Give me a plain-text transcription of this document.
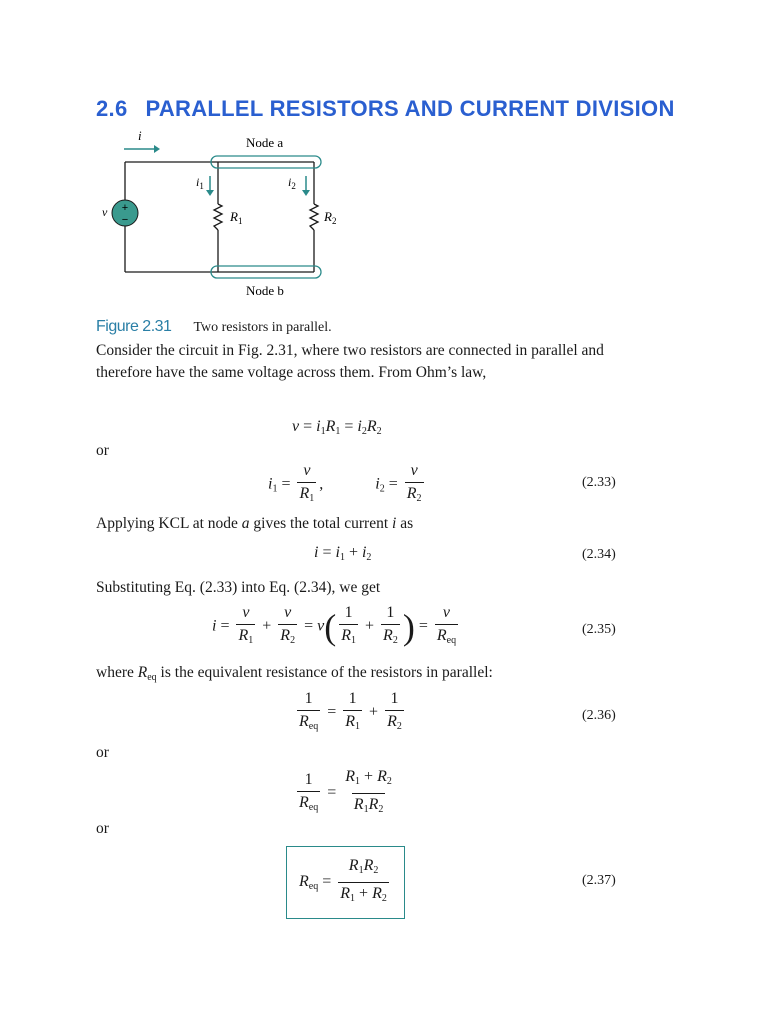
2.6 PARALLEL RESISTORS AND CURRENT DIVISION
+
−
v
i	Node a
Node b
$i_1$	$i_2$
$R_1$	$R_2$
Figure 2.31 Two resistors in parallel.
Consider the circuit in Fig. 2.31, where two resistors are connected in parallel and therefore have the same voltage across them. From Ohm’s law,
$v = i_1R_1 = i_2R_2$
or
$i_1 = \frac{v}{R_1}$ ,	$i_2 = \frac{v}{R_2}$	(2.33)
Applying KCL at node a gives the total current i as
$i = i_1 + i_2$	(2.34)
Substituting Eq. (2.33) into Eq. (2.34), we get
$i = \frac{v}{R_1} + \frac{v}{R_2} = v( \frac{1}{R_1} + \frac{1}{R_2}$ ) = $\frac{v}{R_{eq}}$	(2.35)
where $R_{eq}$ is the equivalent resistance of the resistors in parallel:
$\frac{1}{R_{eq}} = \frac{1}{R_1} + \frac{1}{R_2}$	(2.36)
or
$\frac{1}{R_{eq}} = \frac{R_1 + R_2}{R_1R_2}$
or
$R_{eq} = \frac{R_1R_2}{R_1 + R_2}$	(2.37)
